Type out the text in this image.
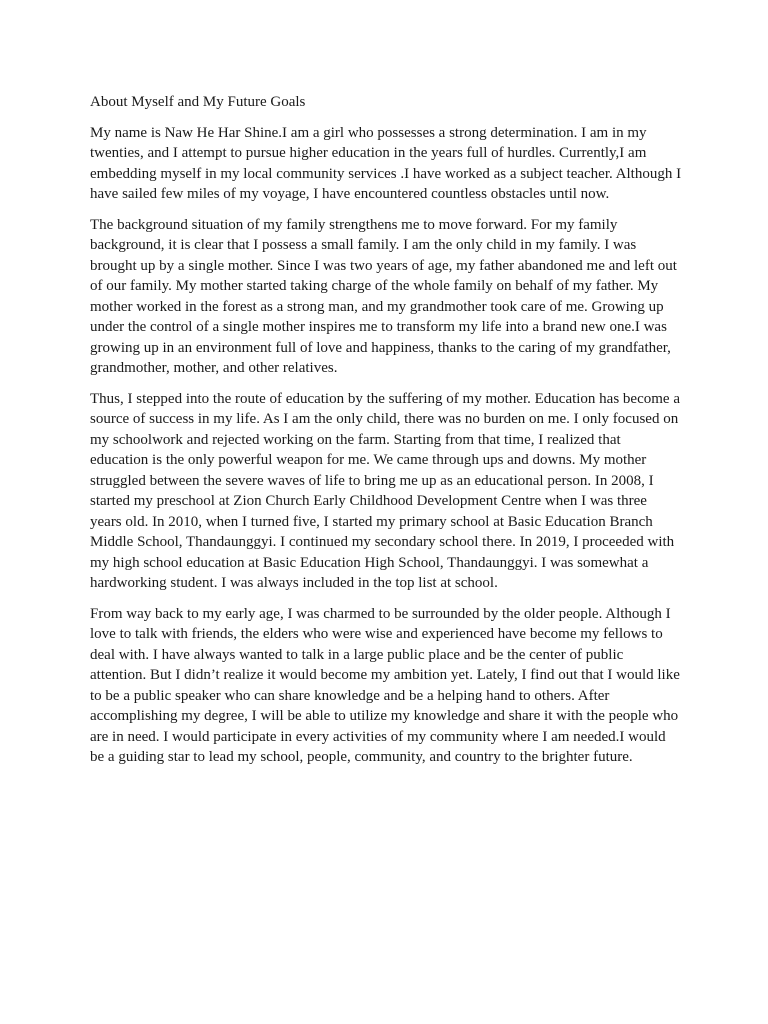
About Myself and My Future Goals

My name is Naw He Har Shine.I am a girl who possesses a strong determination. I am in my twenties, and I attempt to pursue higher education in the years full of hurdles. Currently,I am embedding myself in my local community services .I have worked as a subject teacher. Although I have sailed few miles of my voyage, I have encountered countless obstacles until now.

The background situation of my family strengthens me to move forward. For my family background, it is clear that I possess a small family. I am the only child in my family. I was brought up by a single mother. Since I was two years of age, my father abandoned me and left out of our family. My mother started taking charge of the whole family on behalf of my father. My mother worked in the forest as a strong man, and my grandmother took care of me. Growing up under the control of a single mother inspires me to transform my life into a brand new one.I was growing up in an environment full of love and happiness, thanks to the caring of my grandfather, grandmother, mother, and other relatives.

Thus, I stepped into the route of education by the suffering of my mother. Education has become a source of success in my life. As I am the only child, there was no burden on me. I only focused on my schoolwork and rejected working on the farm. Starting from that time, I realized that education is the only powerful weapon for me. We came through ups and downs. My mother struggled between the severe waves of life to bring me up as an educational person. In 2008, I started my preschool at Zion Church Early Childhood Development Centre when I was three years old. In 2010, when I turned five, I started my primary school at Basic Education Branch Middle School, Thandaunggyi. I continued my secondary school there. In 2019, I proceeded with my high school education at Basic Education High School, Thandaunggyi. I was somewhat a hardworking student. I was always included in the top list at school.

From way back to my early age, I was charmed to be surrounded by the older people. Although I love to talk with friends, the elders who were wise and experienced have become my fellows to deal with. I have always wanted to talk in a large public place and be the center of public attention. But I didn’t realize it would become my ambition yet. Lately, I find out that I would like to be a public speaker who can share knowledge and be a helping hand to others. After accomplishing my degree, I will be able to utilize my knowledge and share it with the people who are in need. I would participate in every activities of my community where I am needed.I would be a guiding star to lead my school, people, community, and country to the brighter future.
